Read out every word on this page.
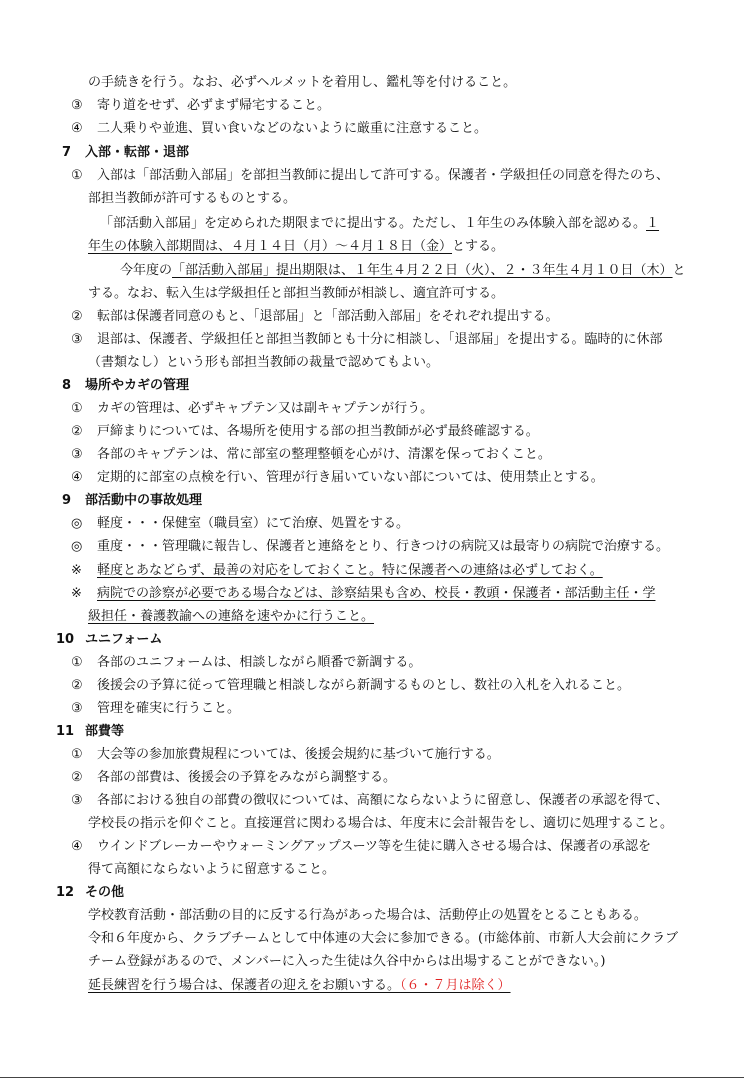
の手続きを行う。なお、必ずヘルメットを着用し、鑑札等を付けること。
③ 寄り道をせず、必ずまず帰宅すること。
④ 二人乗りや並進、買い食いなどのないように厳重に注意すること。
7 入部・転部・退部
① 入部は「部活動入部届」を部担当教師に提出して許可する。保護者・学級担任の同意を得たのち、
部担当教師が許可するものとする。
「部活動入部届」を定められた期限までに提出する。ただし、１年生のみ体験入部を認める。１
年生の体験入部期間は、４月１４日（月）～４月１８日（金）とする。
今年度の「部活動入部届」提出期限は、１年生４月２２日（火）、２・３年生４月１０日（木）と
する。なお、転入生は学級担任と部担当教師が相談し、適宜許可する。
② 転部は保護者同意のもと、「退部届」と「部活動入部届」をそれぞれ提出する。
③ 退部は、保護者、学級担任と部担当教師とも十分に相談し、「退部届」を提出する。臨時的に休部
（書類なし）という形も部担当教師の裁量で認めてもよい。
8 場所やカギの管理
① カギの管理は、必ずキャプテン又は副キャプテンが行う。
② 戸締まりについては、各場所を使用する部の担当教師が必ず最終確認する。
③ 各部のキャプテンは、常に部室の整理整頓を心がけ、清潔を保っておくこと。
④ 定期的に部室の点検を行い、管理が行き届いていない部については、使用禁止とする。
9 部活動中の事故処理
◎ 軽度・・・保健室（職員室）にて治療、処置をする。
◎ 重度・・・管理職に報告し、保護者と連絡をとり、行きつけの病院又は最寄りの病院で治療する。
※ 軽度とあなどらず、最善の対応をしておくこと。特に保護者への連絡は必ずしておく。
※ 病院での診察が必要である場合などは、診察結果も含め、校長・教頭・保護者・部活動主任・学
級担任・養護教諭への連絡を速やかに行うこと。
10 ユニフォーム
① 各部のユニフォームは、相談しながら順番で新調する。
② 後援会の予算に従って管理職と相談しながら新調するものとし、数社の入札を入れること。
③ 管理を確実に行うこと。
11 部費等
① 大会等の参加旅費規程については、後援会規約に基づいて施行する。
② 各部の部費は、後援会の予算をみながら調整する。
③ 各部における独自の部費の徴収については、高額にならないように留意し、保護者の承認を得て、
学校長の指示を仰ぐこと。直接運営に関わる場合は、年度末に会計報告をし、適切に処理すること。
④ ウインドブレーカーやウォーミングアップスーツ等を生徒に購入させる場合は、保護者の承認を
得て高額にならないように留意すること。
12 その他
学校教育活動・部活動の目的に反する行為があった場合は、活動停止の処置をとることもある。
令和６年度から、クラブチームとして中体連の大会に参加できる。(市総体前、市新人大会前にクラブ
チーム登録があるので、メンバーに入った生徒は久谷中からは出場することができない。)
延長練習を行う場合は、保護者の迎えをお願いする。（６・７月は除く）
